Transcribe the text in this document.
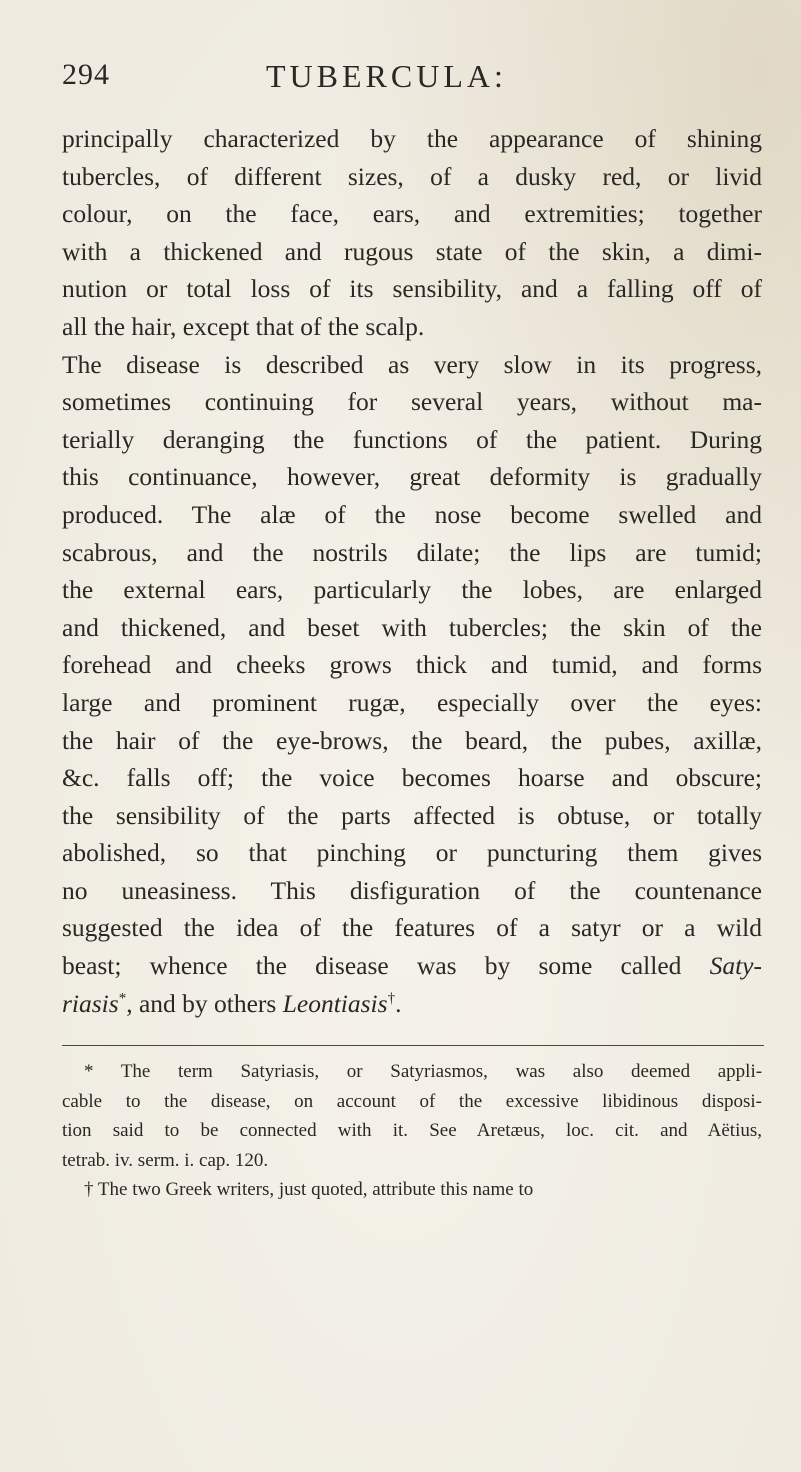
294	TUBERCULA:
principally characterized by the appearance of shining
tubercles, of different sizes, of a dusky red, or livid
colour, on the face, ears, and extremities; together
with a thickened and rugous state of the skin, a dimi-
nution or total loss of its sensibility, and a falling off of
all the hair, except that of the scalp.
The disease is described as very slow in its progress,
sometimes continuing for several years, without ma-
terially deranging the functions of the patient. During
this continuance, however, great deformity is gradually
produced. The alæ of the nose become swelled and
scabrous, and the nostrils dilate; the lips are tumid;
the external ears, particularly the lobes, are enlarged
and thickened, and beset with tubercles; the skin of the
forehead and cheeks grows thick and tumid, and forms
large and prominent rugæ, especially over the eyes:
the hair of the eye-brows, the beard, the pubes, axillæ,
&c. falls off; the voice becomes hoarse and obscure;
the sensibility of the parts affected is obtuse, or totally
abolished, so that pinching or puncturing them gives
no uneasiness. This disfiguration of the countenance
suggested the idea of the features of a satyr or a wild
beast; whence the disease was by some called Saty-
riasis*, and by others Leontiasis†.
* The term Satyriasis, or Satyriasmos, was also deemed appli-
cable to the disease, on account of the excessive libidinous disposi-
tion said to be connected with it. See Aretæus, loc. cit. and Aëtius,
tetrab. iv. serm. i. cap. 120.
† The two Greek writers, just quoted, attribute this name to
